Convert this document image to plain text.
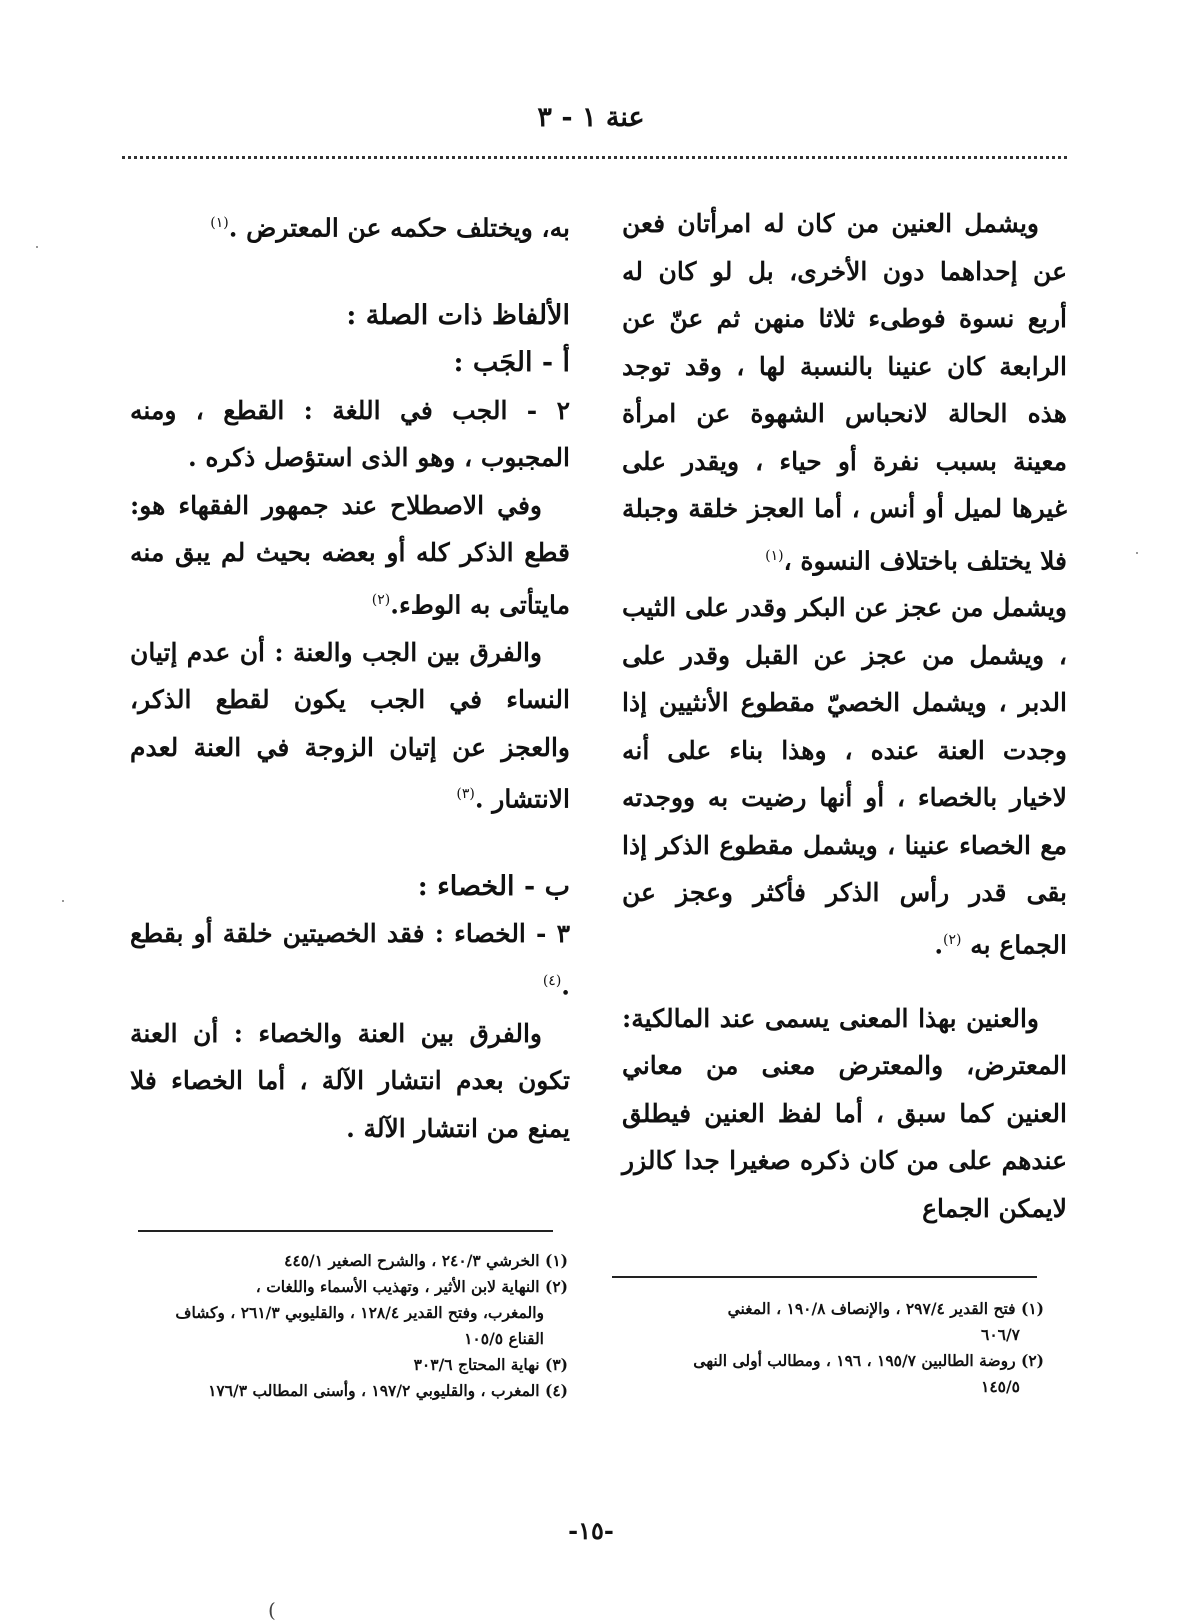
عنة ١ - ٣

ويشمل العنين من كان له امرأتان فعن عن إحداهما دون الأخرى، بل لو كان له أربع نسوة فوطىء ثلاثا منهن ثم عنّ عن الرابعة كان عنينا بالنسبة لها ، وقد توجد هذه الحالة لانحباس الشهوة عن امرأة معينة بسبب نفرة أو حياء ، ويقدر على غيرها لميل أو أنس ، أما العجز خلقة وجبلة فلا يختلف باختلاف النسوة ،$^{(١)}$

ويشمل من عجز عن البكر وقدر على الثيب ، ويشمل من عجز عن القبل وقدر على الدبر ، ويشمل الخصيّ مقطوع الأنثيين إذا وجدت العنة عنده ، وهذا بناء على أنه لاخيار بالخصاء ، أو أنها رضيت به ووجدته مع الخصاء عنينا ، ويشمل مقطوع الذكر إذا بقى قدر رأس الذكر فأكثر وعجز عن الجماع به $^{(٢)}$.

والعنين بهذا المعنى يسمى عند المالكية: المعترض، والمعترض معنى من معاني العنين كما سبق ، أما لفظ العنين فيطلق عندهم على من كان ذكره صغيرا جدا كالزر لايمكن الجماع

(١) فتح القدير ٢٩٧/٤ ، والإنصاف ١٩٠/٨ ، المغني

٦٠٦/٧

(٢) روضة الطالبين ١٩٥/٧ ، ١٩٦ ، ومطالب أولى النهى

١٤٥/٥

به، ويختلف حكمه عن المعترض .$^{(١)}$

الألفاظ ذات الصلة :

أ - الجَب :

٢ - الجب في اللغة : القطع ، ومنه المجبوب ، وهو الذى استؤصل ذكره .

وفي الاصطلاح عند جمهور الفقهاء هو: قطع الذكر كله أو بعضه بحيث لم يبق منه مايتأتى به الوطء.$^{(٢)}$

والفرق بين الجب والعنة : أن عدم إتيان النساء في الجب يكون لقطع الذكر، والعجز عن إتيان الزوجة في العنة لعدم الانتشار .$^{(٣)}$

ب - الخصاء :

٣ - الخصاء : فقد الخصيتين خلقة أو بقطع .$^{(٤)}$

والفرق بين العنة والخصاء : أن العنة تكون بعدم انتشار الآلة ، أما الخصاء فلا يمنع من انتشار الآلة .

(١) الخرشي ٢٤٠/٣ ، والشرح الصغير ٤٤٥/١

(٢) النهاية لابن الأثير ، وتهذيب الأسماء واللغات ،

والمغرب، وفتح القدير ١٢٨/٤ ، والقليوبي ٢٦١/٣ ، وكشاف القناع ١٠٥/٥

(٣) نهاية المحتاج ٣٠٣/٦

(٤) المغرب ، والقليوبي ١٩٧/٢ ، وأسنى المطالب ١٧٦/٣

-١٥-
)
